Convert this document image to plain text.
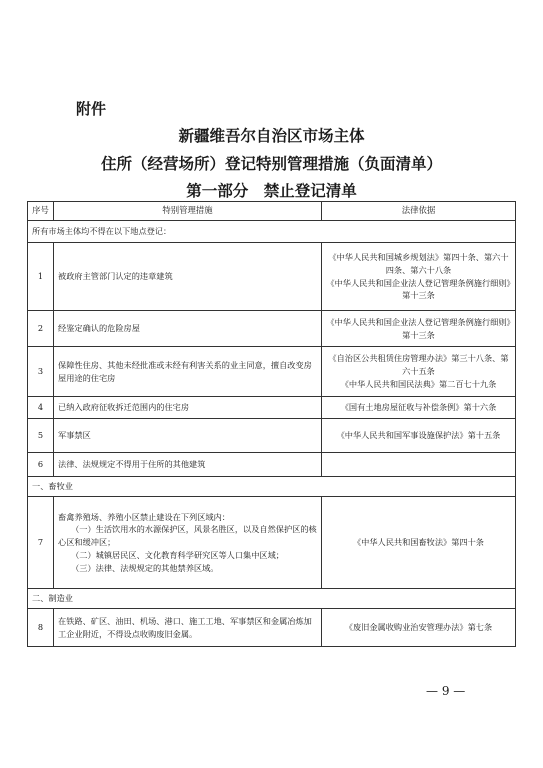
附件
新疆维吾尔自治区市场主体
住所（经营场所）登记特别管理措施（负面清单）
第一部分　禁止登记清单
序号	特别管理措施	法律依据
所有市场主体均不得在以下地点登记：		
1	被政府主管部门认定的违章建筑	《中华人民共和国城乡规划法》第四十条、第六十四条、第六十八条
《中华人民共和国企业法人登记管理条例施行细则》第十三条

2	经鉴定确认的危险房屋	《中华人民共和国企业法人登记管理条例施行细则》第十三条
3	保障性住房、其他未经批准或未经有利害关系的业主同意，擅自改变房屋用途的住宅房	《自治区公共租赁住房管理办法》第三十八条、第六十五条
《中华人民共和国民法典》第二百七十九条

4	已纳入政府征收拆迁范围内的住宅房	《国有土地房屋征收与补偿条例》第十六条
5	军事禁区	《中华人民共和国军事设施保护法》第十五条
6	法律、法规规定不得用于住所的其他建筑	
一、畜牧业		
7	畜禽养殖场、养殖小区禁止建设在下列区域内：
（一）生活饮用水的水源保护区，风景名胜区，以及自然保护区的核心区和缓冲区；
（二）城镇居民区、文化教育科学研究区等人口集中区域；
（三）法律、法规规定的其他禁养区域。	《中华人民共和国畜牧法》第四十条
二、制造业		
8	在铁路、矿区、油田、机场、港口、施工工地、军事禁区和金属冶炼加工企业附近，不得设点收购废旧金属。	《废旧金属收购业治安管理办法》第七条
— 9 —
